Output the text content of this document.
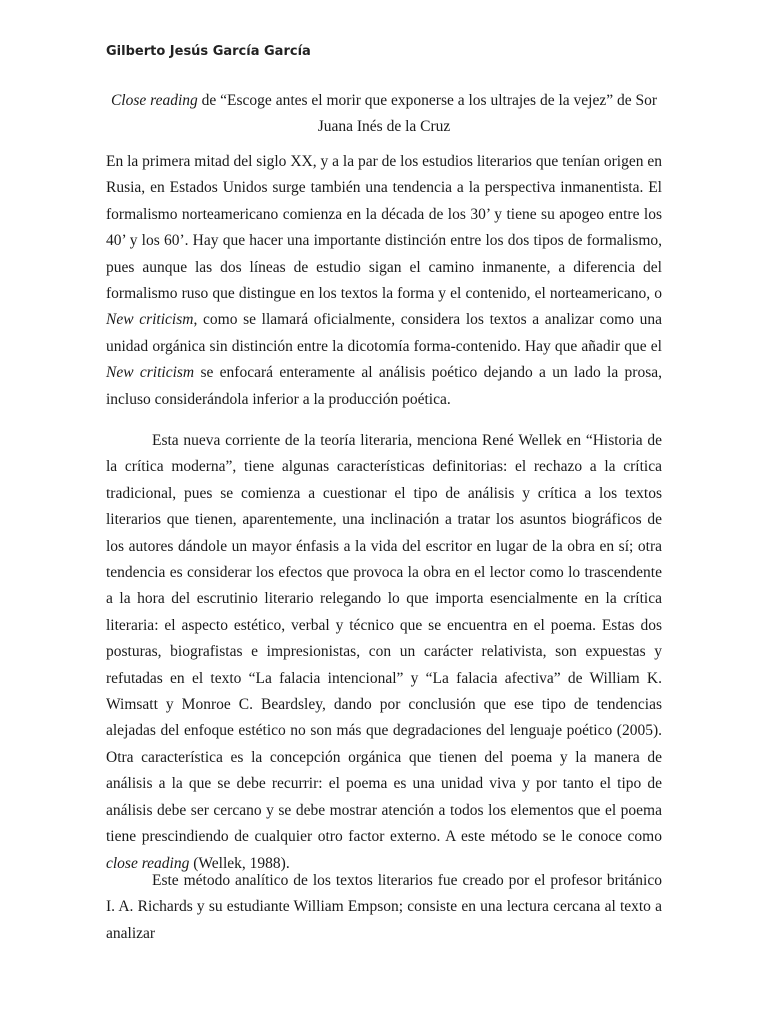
Gilberto Jesús García García
Close reading de “Escoge antes el morir que exponerse a los ultrajes de la vejez” de Sor Juana Inés de la Cruz

En la primera mitad del siglo XX, y a la par de los estudios literarios que tenían origen en Rusia, en Estados Unidos surge también una tendencia a la perspectiva inmanentista. El formalismo norteamericano comienza en la década de los 30’ y tiene su apogeo entre los 40’ y los 60’. Hay que hacer una importante distinción entre los dos tipos de formalismo, pues aunque las dos líneas de estudio sigan el camino inmanente, a diferencia del formalismo ruso que distingue en los textos la forma y el contenido, el norteamericano, o New criticism, como se llamará oficialmente, considera los textos a analizar como una unidad orgánica sin distinción entre la dicotomía forma-contenido. Hay que añadir que el New criticism se enfocará enteramente al análisis poético dejando a un lado la prosa, incluso considerándola inferior a la producción poética.

Esta nueva corriente de la teoría literaria, menciona René Wellek en “Historia de la crítica moderna”, tiene algunas características definitorias: el rechazo a la crítica tradicional, pues se comienza a cuestionar el tipo de análisis y crítica a los textos literarios que tienen, aparentemente, una inclinación a tratar los asuntos biográficos de los autores dándole un mayor énfasis a la vida del escritor en lugar de la obra en sí; otra tendencia es considerar los efectos que provoca la obra en el lector como lo trascendente a la hora del escrutinio literario relegando lo que importa esencialmente en la crítica literaria: el aspecto estético, verbal y técnico que se encuentra en el poema. Estas dos posturas, biografistas e impresionistas, con un carácter relativista, son expuestas y refutadas en el texto “La falacia intencional” y “La falacia afectiva” de William K. Wimsatt y Monroe C. Beardsley, dando por conclusión que ese tipo de tendencias alejadas del enfoque estético no son más que degradaciones del lenguaje poético (2005). Otra característica es la concepción orgánica que tienen del poema y la manera de análisis a la que se debe recurrir: el poema es una unidad viva y por tanto el tipo de análisis debe ser cercano y se debe mostrar atención a todos los elementos que el poema tiene prescindiendo de cualquier otro factor externo. A este método se le conoce como close reading (Wellek, 1988).

Este método analítico de los textos literarios fue creado por el profesor británico I. A. Richards y su estudiante William Empson; consiste en una lectura cercana al texto a analizar
